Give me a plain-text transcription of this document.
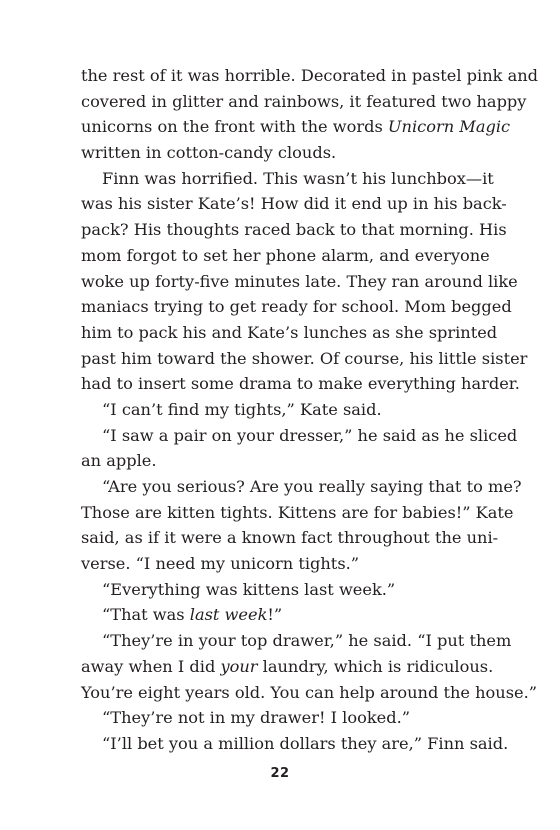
the rest of it was horrible. Decorated in pastel pink and
covered in glitter and rainbows, it featured two happy
unicorns on the front with the words Unicorn Magic
written in cotton-candy clouds.
Finn was horrified. This wasn’t his lunchbox—it
was his sister Kate’s! How did it end up in his back-
pack? His thoughts raced back to that morning. His
mom forgot to set her phone alarm, and everyone
woke up forty-five minutes late. They ran around like
maniacs trying to get ready for school. Mom begged
him to pack his and Kate’s lunches as she sprinted
past him toward the shower. Of course, his little sister
had to insert some drama to make everything harder.
“I can’t find my tights,” Kate said.
“I saw a pair on your dresser,” he said as he sliced
an apple.
“Are you serious? Are you really saying that to me?
Those are kitten tights. Kittens are for babies!” Kate
said, as if it were a known fact throughout the uni-
verse. “I need my unicorn tights.”
“Everything was kittens last week.”
“That was last week!”
“They’re in your top drawer,” he said. “I put them
away when I did your laundry, which is ridiculous.
You’re eight years old. You can help around the house.”
“They’re not in my drawer! I looked.”
“I’ll bet you a million dollars they are,” Finn said.
22
